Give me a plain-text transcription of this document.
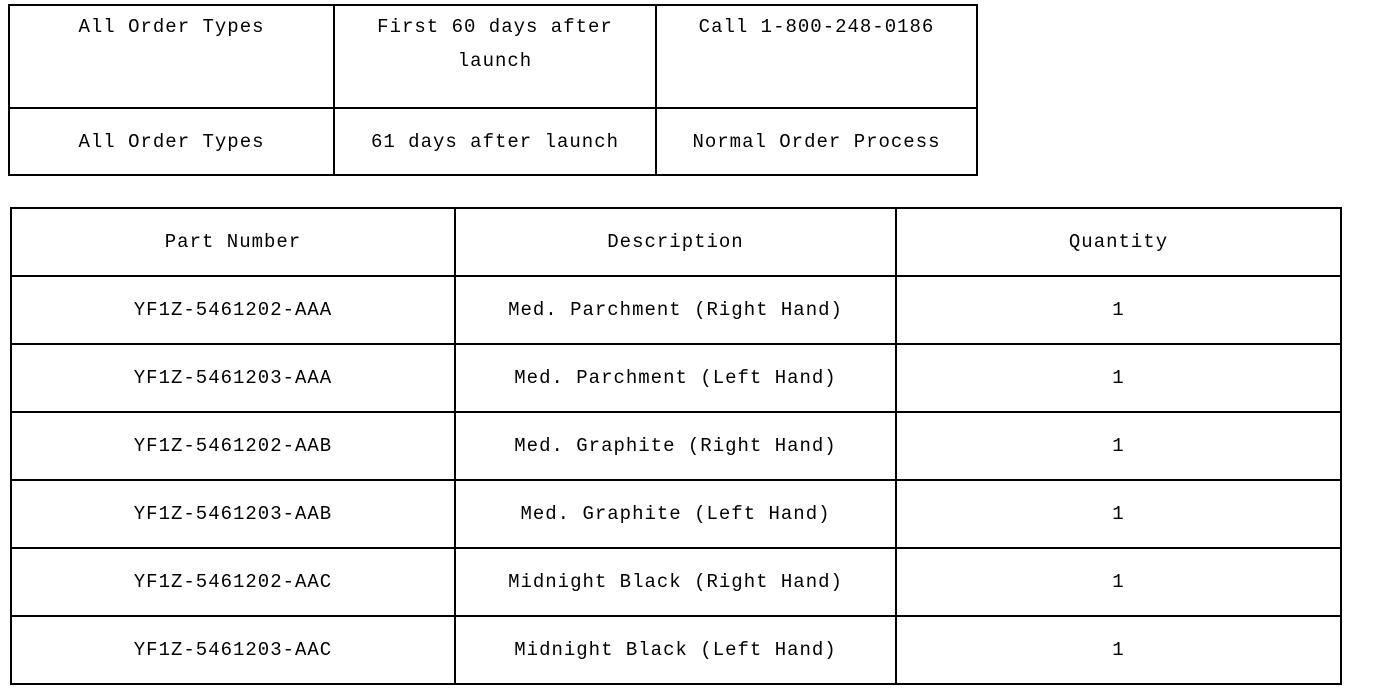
All Order Types	First 60 days after launch	Call 1-800-248-0186
All Order Types	61 days after launch	Normal Order Process
Part Number	Description	Quantity
YF1Z-5461202-AAA	Med. Parchment (Right Hand)	1
YF1Z-5461203-AAA	Med. Parchment (Left Hand)	1
YF1Z-5461202-AAB	Med. Graphite (Right Hand)	1
YF1Z-5461203-AAB	Med. Graphite (Left Hand)	1
YF1Z-5461202-AAC	Midnight Black (Right Hand)	1
YF1Z-5461203-AAC	Midnight Black (Left Hand)	1
